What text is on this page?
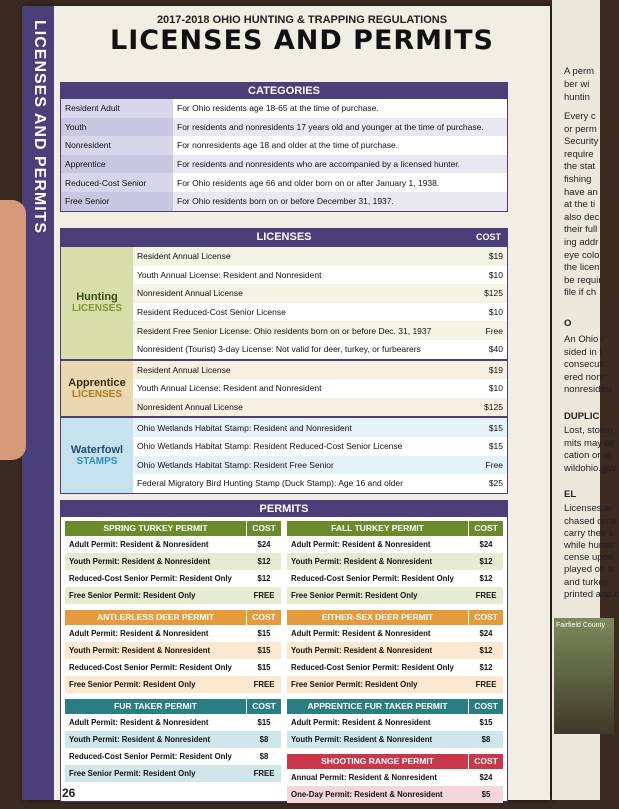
LICENSES AND PERMITS	2017-2018 OHIO HUNTING & TRAPPING REGULATIONS
LICENSES AND PERMITS
CATEGORIES
Resident Adult	For Ohio residents age 18-65 at the time of purchase.
Youth	For residents and nonresidents 17 years old and younger at the time of purchase.
Nonresident	For nonresidents age 18 and older at the time of purchase.
Apprentice	For residents and nonresidents who are accompanied by a licensed hunter.
Reduced-Cost Senior	For Ohio residents age 66 and older born on or after January 1, 1938.
Free Senior	For Ohio residents born on or before December 31, 1937.
LICENSES	COST
Hunting
LICENSES
Resident Annual License	$19
Youth Annual License: Resident and Nonresident	$10
Nonresident Annual License	$125
Resident Reduced-Cost Senior License	$10
Resident Free Senior License: Ohio residents born on or before Dec. 31, 1937	Free
Nonresident (Tourist) 3-day License: Not valid for deer, turkey, or furbearers	$40
Apprentice
LICENSES
Resident Annual License	$19
Youth Annual License: Resident and Nonresident	$10
Nonresident Annual License	$125
Waterfowl
STAMPS
Ohio Wetlands Habitat Stamp: Resident and Nonresident	$15
Ohio Wetlands Habitat Stamp: Resident Reduced-Cost Senior License	$15
Ohio Wetlands Habitat Stamp: Resident Free Senior	Free
Federal Migratory Bird Hunting Stamp (Duck Stamp): Age 16 and older	$25
PERMITS
SPRING TURKEY PERMIT	COST
Adult Permit: Resident & Nonresident	$24
Youth Permit: Resident & Nonresident	$12
Reduced-Cost Senior Permit: Resident Only	$12
Free Senior Permit: Resident Only	FREE
ANTLERLESS DEER PERMIT	COST
Adult Permit: Resident & Nonresident	$15
Youth Permit: Resident & Nonresident	$15
Reduced-Cost Senior Permit: Resident Only	$15
Free Senior Permit: Resident Only	FREE
FUR TAKER PERMIT	COST
Adult Permit: Resident & Nonresident	$15
Youth Permit: Resident & Nonresident	$8
Reduced-Cost Senior Permit: Resident Only	$8
Free Senior Permit: Resident Only	FREE
FALL TURKEY PERMIT	COST
Adult Permit: Resident & Nonresident	$24
Youth Permit: Resident & Nonresident	$12
Reduced-Cost Senior Permit: Resident Only	$12
Free Senior Permit: Resident Only	FREE
EITHER-SEX DEER PERMIT	COST
Adult Permit: Resident & Nonresident	$24
Youth Permit: Resident & Nonresident	$12
Reduced-Cost Senior Permit: Resident Only	$12
Free Senior Permit: Resident Only	FREE
APPRENTICE FUR TAKER PERMIT	COST
Adult Permit: Resident & Nonresident	$15
Youth Permit: Resident & Nonresident	$8
SHOOTING RANGE PERMIT	COST
Annual Permit: Resident & Nonresident	$24
One-Day Permit: Resident & Nonresident	$5
26
A perm
ber wi
huntin
Every c
or perm
Security
require
the stat
fishing
have an
at the ti
also dec
their full
ing addr
eye colo
the licen
be requir
file if ch
O
An Ohio r
sided in t
consecuti
ered nonr
nonresiden
DUPLIC
Lost, stolen
mits may be
cation or at
wildohio.gov
EL
Licenses ar
chased on a
carry their li
while huntin
cense upon
played on a
and turkey
printed and c
Fairfield County
